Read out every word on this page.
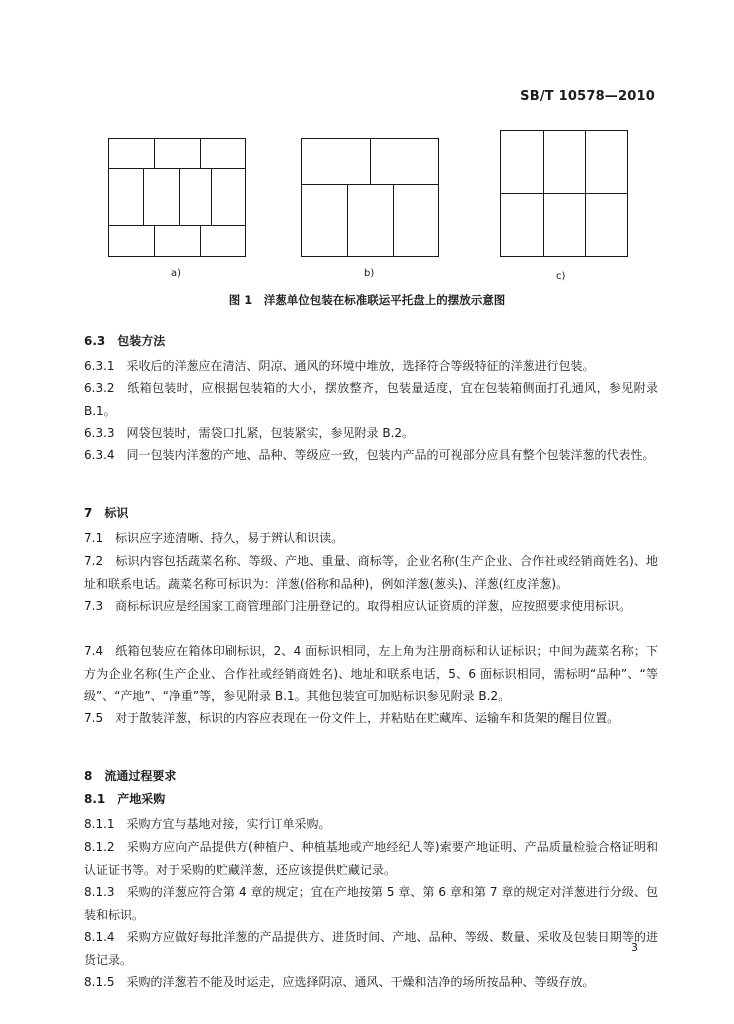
SB/T 10578—2010
a)	b)	c)
图 1　洋葱单位包装在标准联运平托盘上的摆放示意图
6.3　包装方法
6.3.1　采收后的洋葱应在清洁、阴凉、通风的环境中堆放，选择符合等级特征的洋葱进行包装。
6.3.2　纸箱包装时，应根据包装箱的大小，摆放整齐，包装量适度，宜在包装箱侧面打孔通风，参见附录 B.1。
6.3.3　网袋包装时，需袋口扎紧，包装紧实，参见附录 B.2。
6.3.4　同一包装内洋葱的产地、品种、等级应一致，包装内产品的可视部分应具有整个包装洋葱的代表性。
7　标识
7.1　标识应字迹清晰、持久，易于辨认和识读。
7.2　标识内容包括蔬菜名称、等级、产地、重量、商标等，企业名称(生产企业、合作社或经销商姓名)、地址和联系电话。蔬菜名称可标识为：洋葱(俗称和品种)，例如洋葱(葱头)、洋葱(红皮洋葱)。
7.3　商标标识应是经国家工商管理部门注册登记的。取得相应认证资质的洋葱，应按照要求使用标识。
7.4　纸箱包装应在箱体印刷标识，2、4 面标识相同，左上角为注册商标和认证标识；中间为蔬菜名称；下方为企业名称(生产企业、合作社或经销商姓名)、地址和联系电话，5、6 面标识相同，需标明“品种”、“等级”、“产地”、“净重”等，参见附录 B.1。其他包装宜可加贴标识参见附录 B.2。
7.5　对于散装洋葱，标识的内容应表现在一份文件上，并粘贴在贮藏库、运输车和货架的醒目位置。
8　流通过程要求
8.1　产地采购
8.1.1　采购方宜与基地对接，实行订单采购。
8.1.2　采购方应向产品提供方(种植户、种植基地或产地经纪人等)索要产地证明、产品质量检验合格证明和认证证书等。对于采购的贮藏洋葱，还应该提供贮藏记录。
8.1.3　采购的洋葱应符合第 4 章的规定；宜在产地按第 5 章、第 6 章和第 7 章的规定对洋葱进行分级、包装和标识。
8.1.4　采购方应做好每批洋葱的产品提供方、进货时间、产地、品种、等级、数量、采收及包装日期等的进货记录。
8.1.5　采购的洋葱若不能及时运走，应选择阴凉、通风、干燥和洁净的场所按品种、等级存放。
3
